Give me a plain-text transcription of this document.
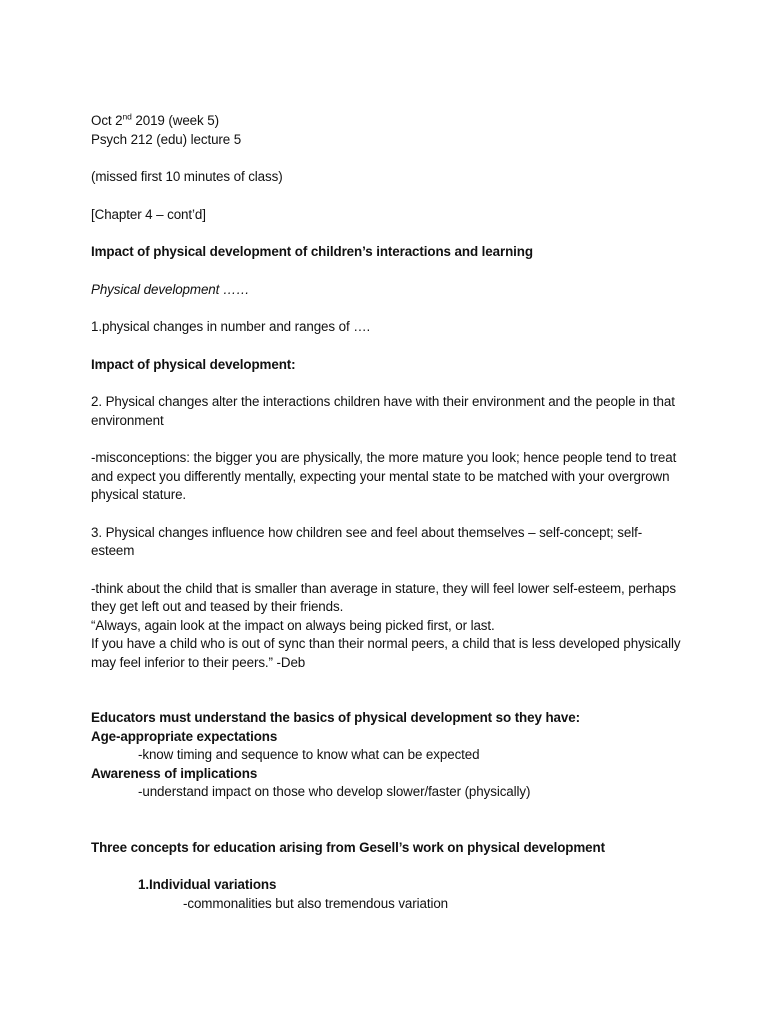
Oct 2nd 2019 (week 5)

Psych 212 (edu) lecture 5

(missed first 10 minutes of class)

[Chapter 4 – cont’d]

Impact of physical development of children’s interactions and learning

Physical development ……

1.physical changes in number and ranges of ….

Impact of physical development:

2. Physical changes alter the interactions children have with their environment and the people in that environment

-misconceptions: the bigger you are physically, the more mature you look; hence people tend to treat and expect you differently mentally, expecting your mental state to be matched with your overgrown physical stature.

3. Physical changes influence how children see and feel about themselves – self-concept; self-esteem

-think about the child that is smaller than average in stature, they will feel lower self-esteem, perhaps they get left out and teased by their friends.

“Always, again look at the impact on always being picked first, or last.

If you have a child who is out of sync than their normal peers, a child that is less developed physically may feel inferior to their peers.” -Deb

Educators must understand the basics of physical development so they have:

Age-appropriate expectations

-know timing and sequence to know what can be expected

Awareness of implications

-understand impact on those who develop slower/faster (physically)

Three concepts for education arising from Gesell’s work on physical development

1.Individual variations

-commonalities but also tremendous variation
